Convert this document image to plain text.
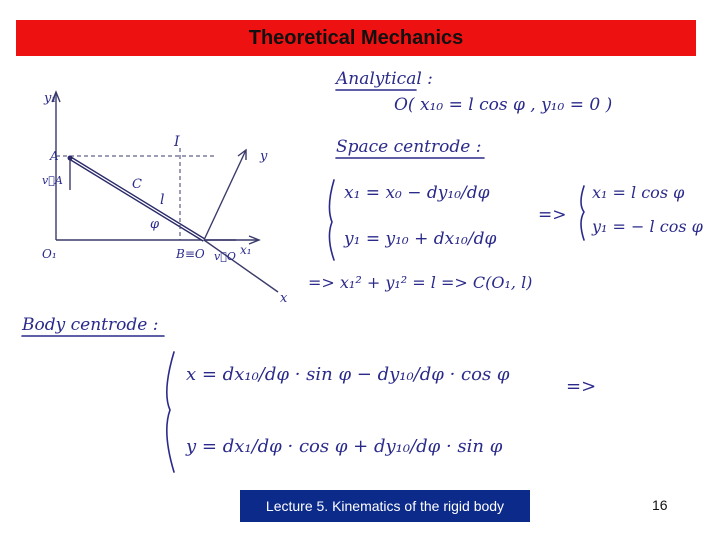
Theoretical Mechanics
y₁
I
y
A
v⃗A	C
l
φ
O₁	B≡O	x₁
v⃗O
x
Analytical :
O( x₁₀ = l cos φ , y₁₀ = 0 )
Space centrode :
x₁ = x₀ − dy₁₀/dφ
y₁ = y₁₀ + dx₁₀/dφ
=>
x₁ = l cos φ
y₁ = − l cos φ
=> x₁² + y₁² = l => C(O₁, l)
Body centrode :
x = dx₁₀/dφ · sin φ − dy₁₀/dφ · cos φ
y = dx₁/dφ · cos φ + dy₁₀/dφ · sin φ
=>
Lecture 5. Kinematics of the rigid body	16
